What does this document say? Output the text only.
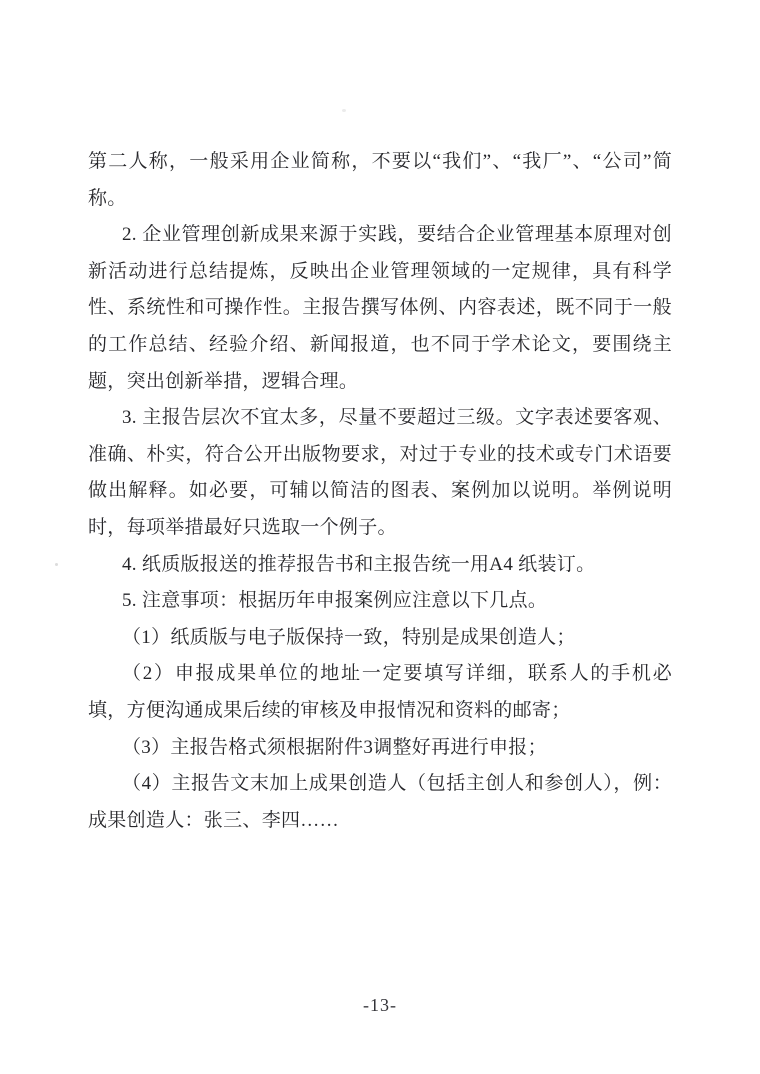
第二人称，一般采用企业简称，不要以“我们”、“我厂”、“公司”简称。

2. 企业管理创新成果来源于实践，要结合企业管理基本原理对创新活动进行总结提炼，反映出企业管理领域的一定规律，具有科学性、系统性和可操作性。主报告撰写体例、内容表述，既不同于一般的工作总结、经验介绍、新闻报道，也不同于学术论文，要围绕主题，突出创新举措，逻辑合理。

3. 主报告层次不宜太多，尽量不要超过三级。文字表述要客观、准确、朴实，符合公开出版物要求，对过于专业的技术或专门术语要做出解释。如必要，可辅以简洁的图表、案例加以说明。举例说明时，每项举措最好只选取一个例子。

4. 纸质版报送的推荐报告书和主报告统一用A4 纸装订。

5. 注意事项：根据历年申报案例应注意以下几点。

（1）纸质版与电子版保持一致，特别是成果创造人；

（2）申报成果单位的地址一定要填写详细，联系人的手机必填，方便沟通成果后续的审核及申报情况和资料的邮寄；

（3）主报告格式须根据附件3调整好再进行申报；

（4）主报告文末加上成果创造人（包括主创人和参创人），例：成果创造人：张三、李四……

-13-
